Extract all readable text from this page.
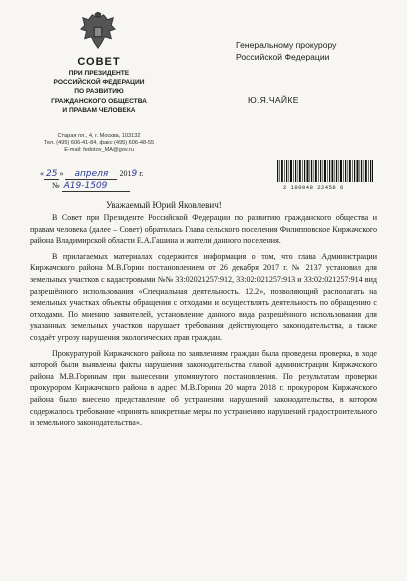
СОВЕТ
ПРИ ПРЕЗИДЕНТЕ
РОССИЙСКОЙ ФЕДЕРАЦИИ
ПО РАЗВИТИЮ
ГРАЖДАНСКОГО ОБЩЕСТВА
И ПРАВАМ ЧЕЛОВЕКА
Старая пл., 4, г. Москва, 103132
Тел. (495) 606-41-84, факс (495) 606-48-55
E-mail: fedotov_MA@gov.ru
Генеральному прокурору
Российской Федерации
Ю.Я.ЧАЙКЕ
« 25 » апреля 2019 г.
№ А19-1509	2 100048 22458 6
Уважаемый Юрий Яковлевич!

В Совет при Президенте Российской Федерации по развитию гражданского общества и правам человека (далее – Совет) обратилась Глава сельского поселения Филипповское Киржачского района Владимирской области Е.А.Гашина и жители данного поселения.

В прилагаемых материалах содержится информация о том, что глава Администрации Киржачского района М.В.Горин постановлением от 26 декабря 2017 г. № 2137 установил для земельных участков с кадастровыми №№ 33:02021257:912, 33:02:021257:913 и 33:02:021257:914 вид разрешённого использования «Специальная деятельность. 12.2», позволяющий располагать на земельных участках объекты обращения с отходами и осуществлять деятельность по обращению с отходами. По мнению заявителей, установление данного вида разрешённого использования для указанных земельных участков нарушает требования действующего законодательства, а также создаёт угрозу нарушения экологических прав граждан.

Прокуратурой Киржачского района по заявлениям граждан была проведена проверка, в ходе которой были выявлены факты нарушения законодательства главой администрации Киржачского района М.В.Гориным при вынесении упомянутого постановления. По результатам проверки прокурором Киржачского района в адрес М.В.Горина 20 марта 2018 г. прокурором Киржачского района было внесено представление об устранении нарушений законодательства, в котором содержалось требование «принять конкретные меры по устранению нарушений градостроительного и земельного законодательства».
